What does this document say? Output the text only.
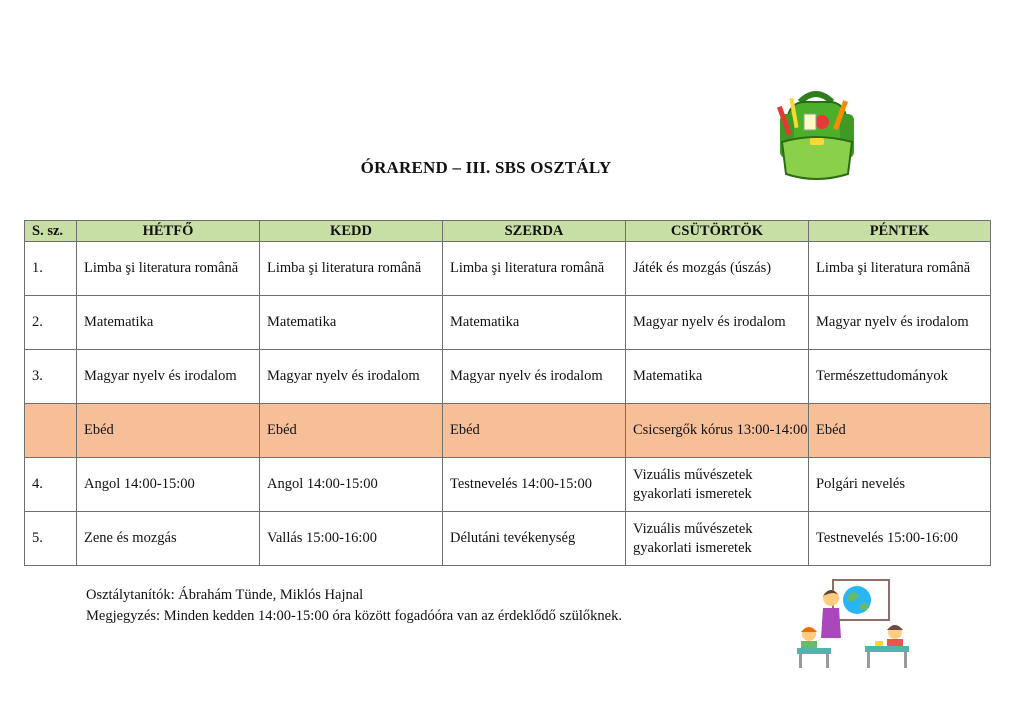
ÓRAREND – III. SBS OSZTÁLY
S. sz.	HÉTFŐ	KEDD	SZERDA	CSÜTÖRTÖK	PÉNTEK
1.	Limba şi literatura română	Limba şi literatura română	Limba şi literatura română	Játék és mozgás (úszás)	Limba şi literatura română
2.	Matematika	Matematika	Matematika	Magyar nyelv és irodalom	Magyar nyelv és irodalom
3.	Magyar nyelv és irodalom	Magyar nyelv és irodalom	Magyar nyelv és irodalom	Matematika	Természettudományok
	Ebéd	Ebéd	Ebéd	Csicsergők kórus 13:00-14:00	Ebéd
4.	Angol 14:00-15:00	Angol 14:00-15:00	Testnevelés 14:00-15:00	Vizuális művészetek gyakorlati ismeretek	Polgári nevelés
5.	Zene és mozgás	Vallás 15:00-16:00	Délutáni tevékenység	Vizuális művészetek gyakorlati ismeretek	Testnevelés 15:00-16:00
Osztálytanítók: Ábrahám Tünde, Miklós Hajnal
Megjegyzés: Minden kedden 14:00-15:00 óra között fogadóóra van az érdeklődő szülőknek.
